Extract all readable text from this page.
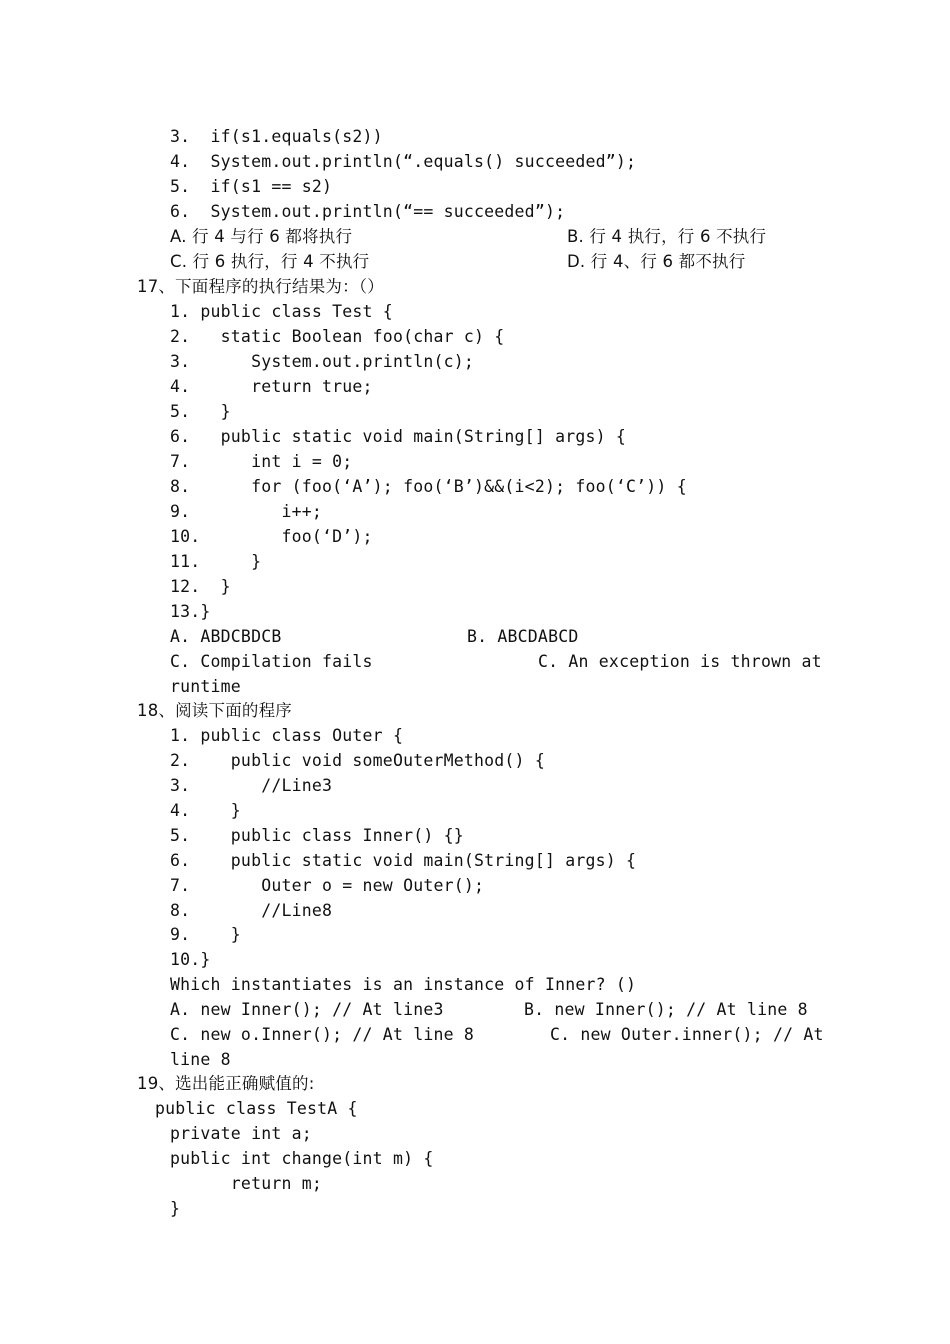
3.  if(s1.equals(s2))
4.  System.out.println(“.equals() succeeded”);
5.  if(s1 == s2)
6.  System.out.println(“== succeeded”);
A. 行 4 与行 6 都将执行	B. 行 4 执行，行 6 不执行
C. 行 6 执行，行 4 不执行	D. 行 4、行 6 都不执行
17、下面程序的执行结果为：（）
1. public class Test {
2.   static Boolean foo(char c) {
3.      System.out.println(c);
4.      return true;
5.   }
6.   public static void main(String[] args) {
7.      int i = 0;
8.      for (foo(‘A’); foo(‘B’)&&(i<2); foo(‘C’)) {
9.         i++;
10.        foo(‘D’);
11.     }
12.  }
13.}
A. ABDCBDCB	B. ABCDABCD
C. Compilation fails	C. An exception is thrown at
runtime
18、阅读下面的程序
1. public class Outer {
2.    public void someOuterMethod() {
3.       //Line3
4.    }
5.    public class Inner() {}
6.    public static void main(String[] args) {
7.       Outer o = new Outer();
8.       //Line8
9.    }
10.}
Which instantiates is an instance of Inner? ()
A. new Inner(); // At line3	B. new Inner(); // At line 8
C. new o.Inner(); // At line 8	C. new Outer.inner(); // At
line 8
19、选出能正确赋值的:
public class TestA {
private int a;
public int change(int m) {
return m;
}
